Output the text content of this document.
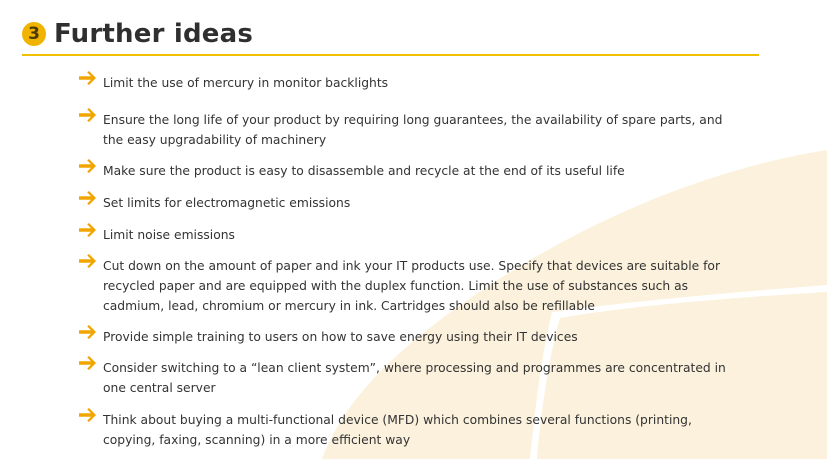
3 Further ideas
Limit the use of mercury in monitor backlights
Ensure the long life of your product by requiring long guarantees, the availability of spare parts, and the easy upgradability of machinery
Make sure the product is easy to disassemble and recycle at the end of its useful life
Set limits for electromagnetic emissions
Limit noise emissions
Cut down on the amount of paper and ink your IT products use. Specify that devices are suitable for recycled paper and are equipped with the duplex function. Limit the use of substances such as cadmium, lead, chromium or mercury in ink. Cartridges should also be refillable
Provide simple training to users on how to save energy using their IT devices
Consider switching to a “lean client system”, where processing and programmes are concentrated in one central server
Think about buying a multi-functional device (MFD) which combines several functions (printing, copying, faxing, scanning) in a more efficient way
